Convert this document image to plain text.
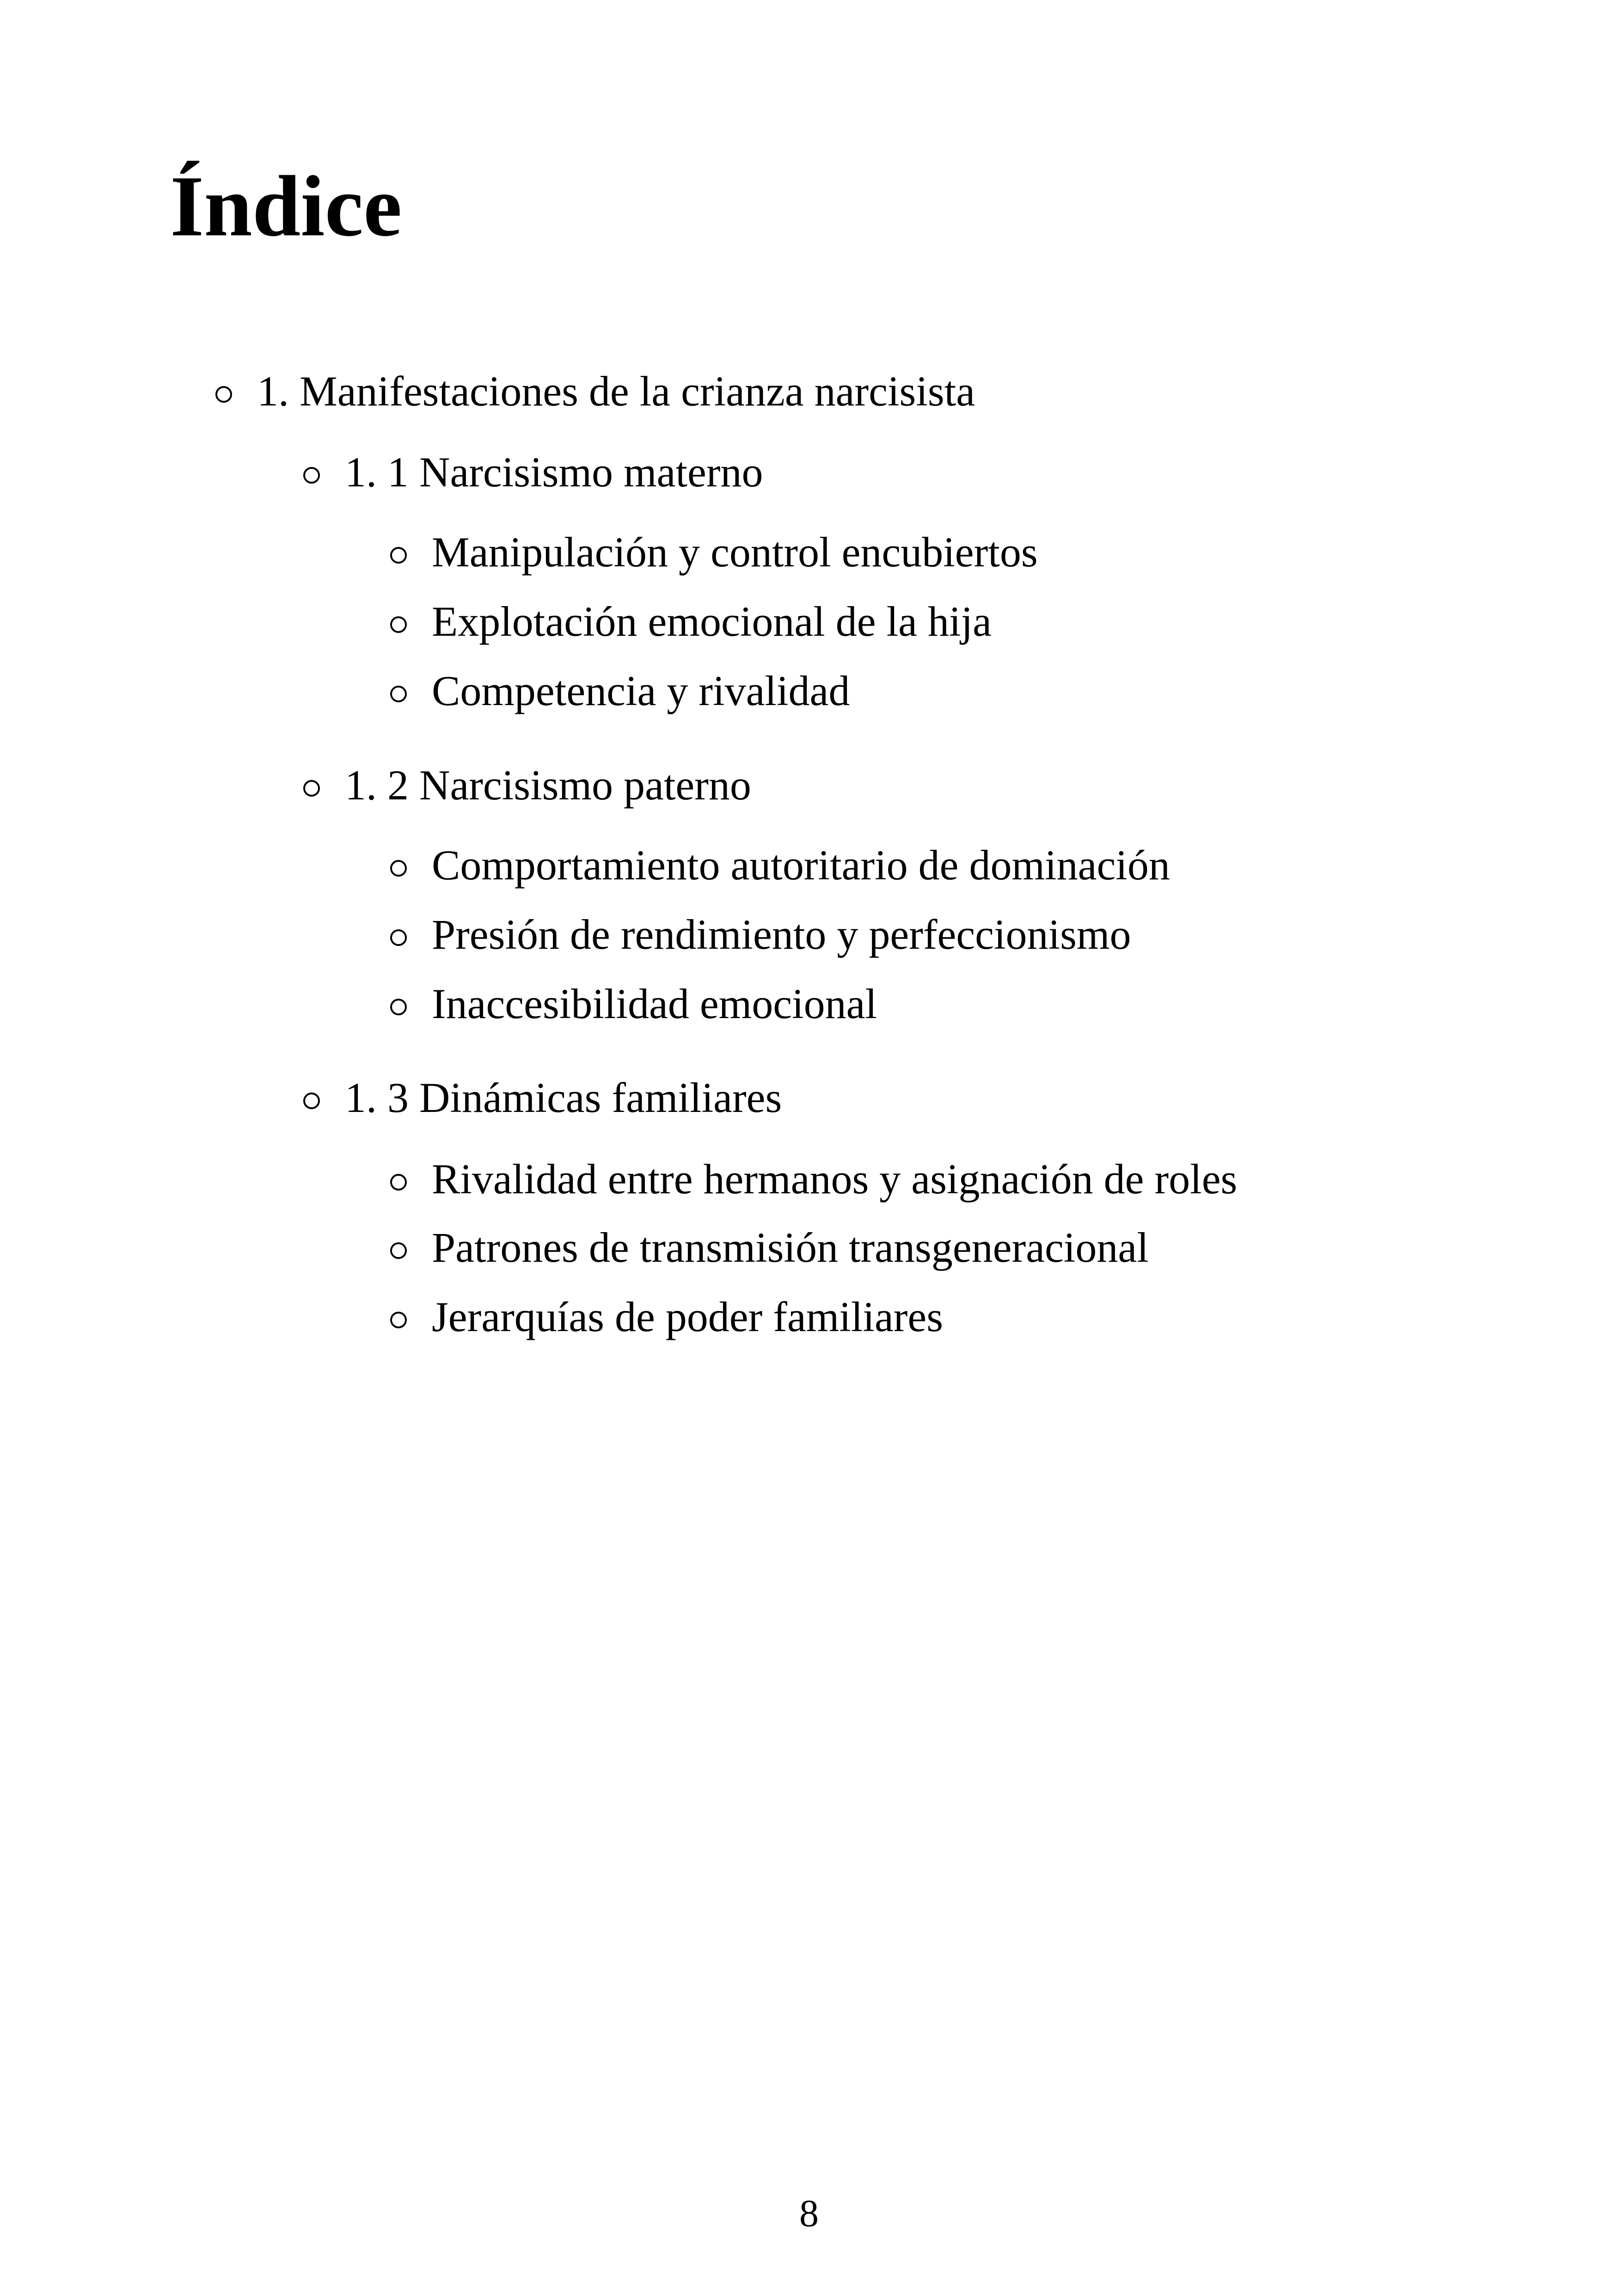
Índice
1. Manifestaciones de la crianza narcisista
1. 1 Narcisismo materno
Manipulación y control encubiertos
Explotación emocional de la hija
Competencia y rivalidad
1. 2 Narcisismo paterno
Comportamiento autoritario de dominación
Presión de rendimiento y perfeccionismo
Inaccesibilidad emocional
1. 3 Dinámicas familiares
Rivalidad entre hermanos y asignación de roles
Patrones de transmisión transgeneracional
Jerarquías de poder familiares
8
